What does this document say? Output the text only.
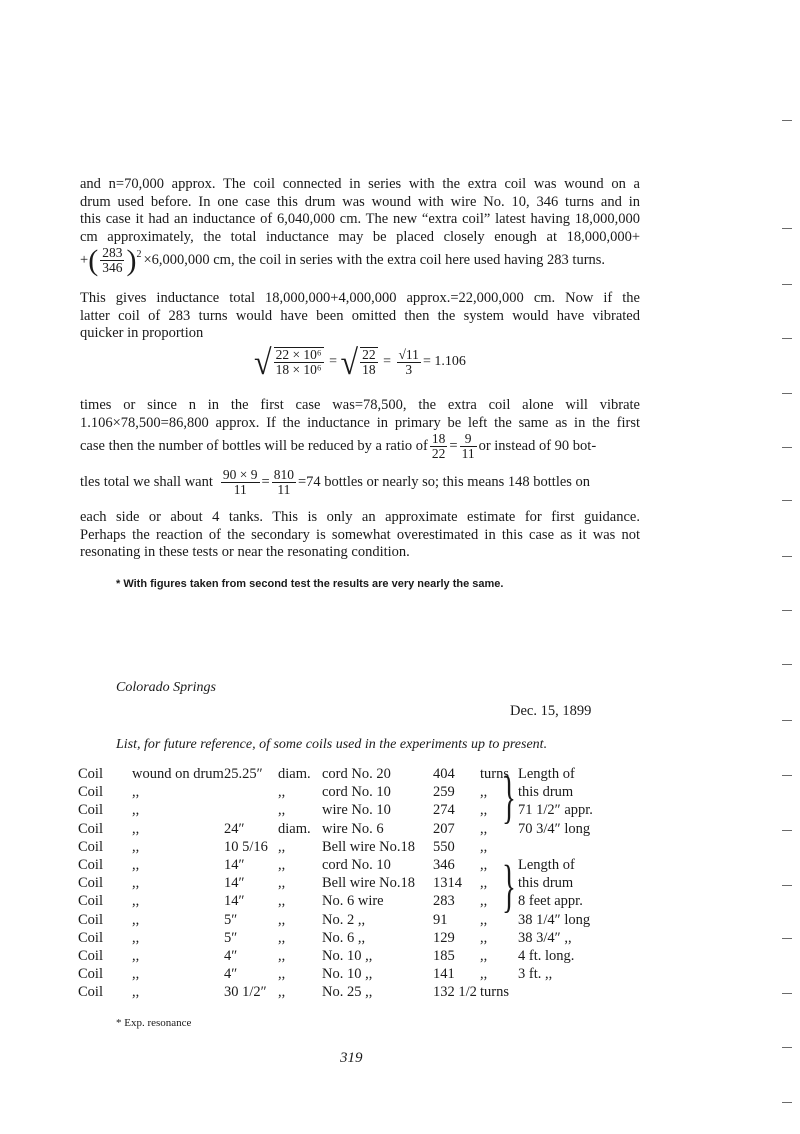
and n=70,000 approx. The coil connected in series with the extra coil was wound on a
drum used before. In one case this drum was wound with wire No. 10, 346 turns and in
this case it had an inductance of 6,040,000 cm. The new “extra coil” latest having 18,000,000
cm approximately, the total inductance may be placed closely enough at 18,000,000+
+ ( $\frac{283}{346}$ ) 2 ×6,000,000 cm, the coil in series with the extra coil here used having 283 turns.
This gives inductance total 18,000,000+4,000,000 approx.=22,000,000 cm. Now if the
latter coil of 283 turns would have been omitted then the system would have vibrated
quicker in proportion
√ $\frac{\text{22 × 10⁶}}{\text{18 × 10⁶}}$ = √ $\frac{22}{18} = \frac{√11}{3} = 1.106$
times or since n in the first case was=78,500, the extra coil alone will vibrate
1.106×78,500=86,800 approx. If the inductance in primary be left the same as in the first
case then the number of bottles will be reduced by a ratio of $\frac{18}{22} = \frac{9}{11}$ or instead of 90 bot-
tles total we shall want $\frac{90 \times 9}{11} = \frac{810}{11} =74$ bottles or nearly so; this means 148 bottles on
each side or about 4 tanks. This is only an approximate estimate for first guidance.
Perhaps the reaction of the secondary is somewhat overestimated in this case as it was not
resonating in these tests or near the resonating condition.
* With figures taken from second test the results are very nearly the same.
Colorado Springs
Dec. 15, 1899
List, for future reference, of some coils used in the experiments up to present.
Coil wound on drum 25.25″ diam. cord No. 20	404 turns Length of
Coil ,,	,,	cord No. 10	259 ,, this drum
Coil ,,	,,	wire No. 10	274 ,, 71 1/2″ appr.
Coil ,,	24″ diam. wire No. 6	207 ,, 70 3/4″ long
Coil ,,	10 5/16 ,,	Bell wire No.18 550 ,,
Coil ,,	14″ ,,	cord No. 10	346 ,, Length of
Coil ,,	14″ ,,	Bell wire No.18 1314 ,, this drum
Coil ,,	14″ ,,	No. 6 wire	283 ,, 8 feet appr.
Coil ,,	5″	,,	No. 2 ,,	91 ,, 38 1/4″ long
Coil ,,	5″	,,	No. 6 ,,	129 ,, 38 3/4″ ,,
Coil ,,	4″	,,	No. 10 ,,	185 ,, 4 ft. long.
Coil ,,	4″	,,	No. 10 ,,	141 ,, 3 ft. ,,
Coil ,,	30 1/2″ ,,	No. 25 ,,	132 1/2 turns
}
}
* Exp. resonance
319
